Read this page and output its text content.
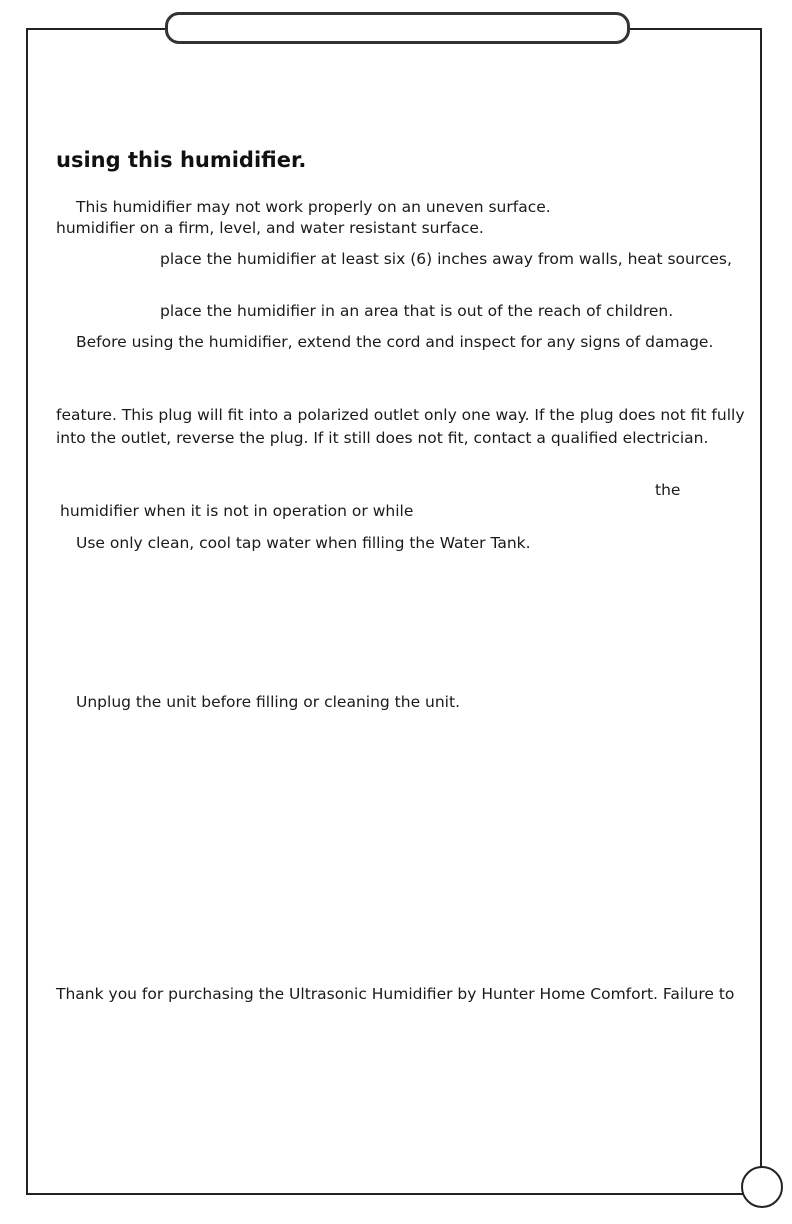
using this humidifier.
This humidifier may not work properly on an uneven surface.
humidifier on a firm, level, and water resistant surface.
place the humidifier at least six (6) inches away from walls, heat sources,
place the humidifier in an area that is out of the reach of children.
Before using the humidifier, extend the cord and inspect for any signs of damage.
feature. This plug will fit into a polarized outlet only one way. If the plug does not fit fully
into the outlet, reverse the plug. If it still does not fit, contact a qualified electrician.
the
humidifier when it is not in operation or while
Use only clean, cool tap water when filling the Water Tank.
Unplug the unit before filling or cleaning the unit.
Thank you for purchasing the Ultrasonic Humidifier by Hunter Home Comfort. Failure to
